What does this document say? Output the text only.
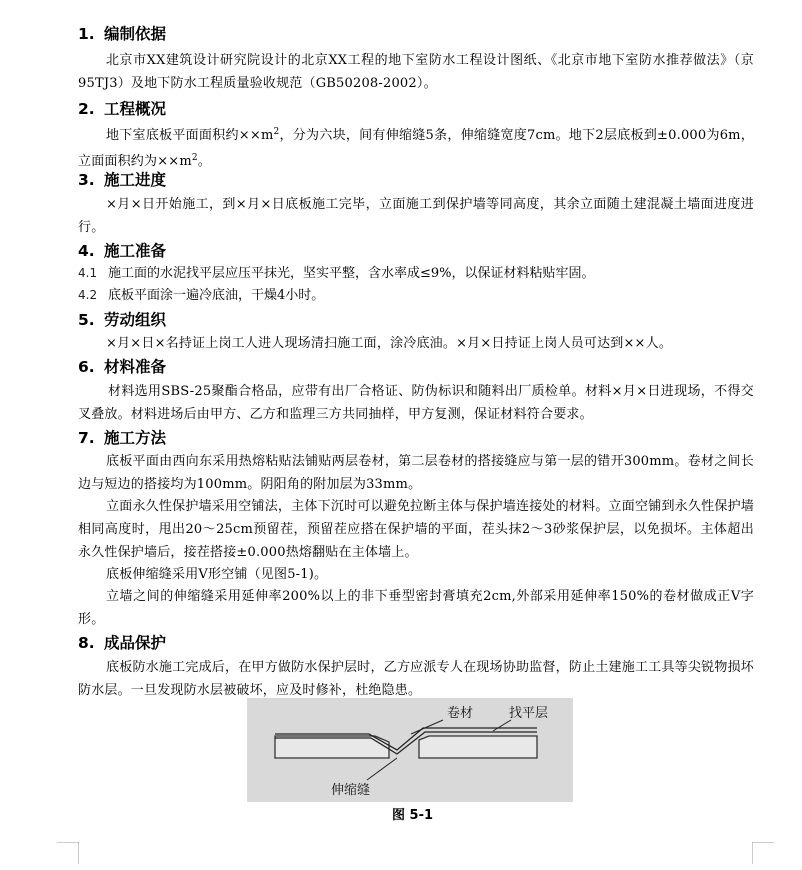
1. 编制依据
北京市XX建筑设计研究院设计的北京XX工程的地下室防水工程设计图纸、《北京市地下室防水推荐做法》（京95TJ3）及地下防水工程质量验收规范（GB50208-2002）。
2. 工程概况
地下室底板平面面积约$\times\times m^2$，分为六块，间有伸缩缝5条，伸缩缝宽度7cm。地下2层底板到±0.000为6m，立面面积约为$\times\times m^2$。
3. 施工进度
×月×日开始施工，到×月×日底板施工完毕，立面施工到保护墙等同高度，其余立面随土建混凝土墙面进度进行。
4. 施工准备
4.1 施工面的水泥找平层应压平抹光，坚实平整，含水率成≤9%，以保证材料粘贴牢固。
4.2 底板平面涂一遍冷底油，干燥4小时。
5. 劳动组织
×月×日×名持证上岗工人进人现场清扫施工面，涂冷底油。×月×日持证上岗人员可达到××人。
6. 材料准备
材料选用SBS-25聚酯合格品，应带有出厂合格证、防伪标识和随料出厂质检单。材料×月×日进现场，不得交叉叠放。材料进场后由甲方、乙方和监理三方共同抽样，甲方复测，保证材料符合要求。
7. 施工方法
底板平面由西向东采用热熔粘贴法铺贴两层卷材，第二层卷材的搭接缝应与第一层的错开300mm。卷材之间长边与短边的搭接均为100mm。阴阳角的附加层为33mm。
立面永久性保护墙采用空铺法，主体下沉时可以避免拉断主体与保护墙连接处的材料。立面空铺到永久性保护墙相同高度时，甩出20～25cm预留茬，预留茬应搭在保护墙的平面，茬头抹2～3砂浆保护层，以免损坏。主体超出永久性保护墙后，接茬搭接±0.000热熔翻贴在主体墙上。
底板伸缩缝采用V形空铺（见图5-1)。
立墙之间的伸缩缝采用延伸率200%以上的非下垂型密封膏填充2cm,外部采用延伸率150%的卷材做成正V字形。
8. 成品保护
底板防水施工完成后，在甲方做防水保护层时，乙方应派专人在现场协助监督，防止土建施工工具等尖锐物损坏防水层。一旦发现防水层被破坏，应及时修补，杜绝隐患。
卷材	找平层
伸缩缝
图 5-1
